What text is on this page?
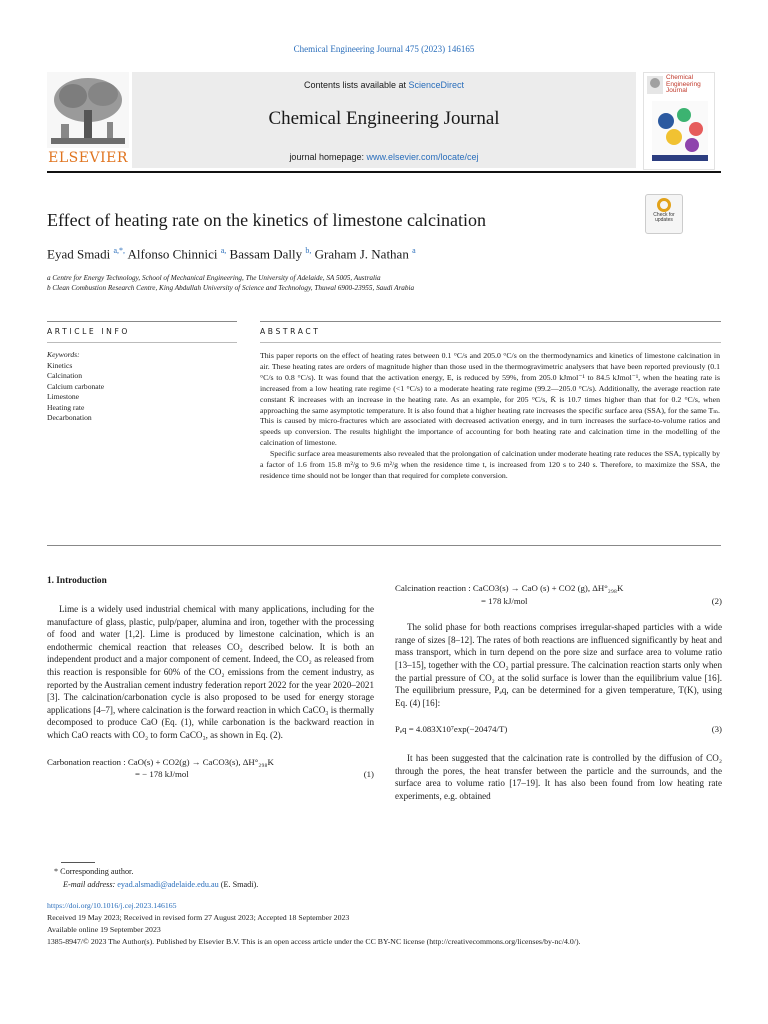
Chemical Engineering Journal 475 (2023) 146165
ELSEVIER
Contents lists available at ScienceDirect
Chemical Engineering Journal
journal homepage: www.elsevier.com/locate/cej
Chemical Engineering Journal
Effect of heating rate on the kinetics of limestone calcination	Check for updates
Eyad Smadi $^{a,*,}$ Alfonso Chinnici $^{a,}$ Bassam Dally $^{b,}$ Graham J. Nathan $^a$
a Centre for Energy Technology, School of Mechanical Engineering, The University of Adelaide, SA 5005, Australia
b Clean Combustion Research Centre, King Abdullah University of Science and Technology, Thuwal 6900-23955, Saudi Arabia
ARTICLE INFO	ABSTRACT
Keywords:
Kinetics
Calcination
Calcium carbonate
Limestone
Heating rate
Decarbonation

This paper reports on the effect of heating rates between 0.1 °C/s and 205.0 °C/s on the thermodynamics and kinetics of limestone calcination in air. These heating rates are orders of magnitude higher than those used in the thermogravimetric analysers that have been reported previously (0.1 °C/s to 0.8 °C/s). It was found that the activation energy, E, is reduced by 59%, from 205.0 kJmol⁻¹ to 84.5 kJmol⁻¹, when the heating rate is increased from a low heating rate regime (<1 °C/s) to a moderate heating rate regime (99.2—205.0 °C/s). Additionally, the average reaction rate constant K̄ increases with an increase in the heating rate. As an example, for 205 °C/s, K̄ is 10.7 times higher than that for 0.2 °C/s, when approaching the same asymptotic temperature. It is also found that a higher heating rate increases the specific surface area (SSA), for the same Tₘ. This is caused by micro-fractures which are associated with decreased activation energy, and in turn increases the surface-to-volume ratios and speeds up conversion. The results highlight the importance of accounting for both heating rate and calcination time in the modelling of the calcination of limestone.

Specific surface area measurements also revealed that the prolongation of calcination under moderate heating rate reduces the SSA, typically by a factor of 1.6 from 15.8 m²/g to 9.6 m²/g when the residence time t, is increased from 120 s to 240 s. Therefore, to maximize the SSA, the residence time should not be longer than that required for complete conversion.

1. Introduction

Lime is a widely used industrial chemical with many applications, including for the manufacture of glass, plastic, pulp/paper, alumina and iron, together with the processing of food and water [1,2]. Lime is produced by limestone calcination, which is an endothermic chemical reaction that releases CO₂ described below. It is both an independent product and a major component of cement. Indeed, the CO₂ as released from this reaction is responsible for 60% of the CO₂ emissions from the cement industry, as reported by the Australian cement industry federation report 2022 for the year 2020–2021 [3]. The calcination/carbonation cycle is also proposed to be used for energy storage applications [4–7], where calcination is the forward reaction in which CaCO₃ is thermally decomposed to produce CaO (Eq. (1), while carbonation is the backward reaction in which CaO reacts with CO₂ to form CaCO₃, as shown in Eq. (2).

Carbonation reaction : CaO(s) + CO2(g) → CaCO3(s), ΔH°₂₉₈K
= − 178 kJ/mol	(1)
Calcination reaction : CaCO3(s) → CaO (s) + CO2 (g), ΔH°₂₉₈K
= 178 kJ/mol	(2)

The solid phase for both reactions comprises irregular-shaped particles with a wide range of sizes [8–12]. The rates of both reactions are influenced significantly by heat and mass transport, which in turn depend on the pore size and surface area to volume ratio [13–15], together with the CO₂ partial pressure. The calcination reaction starts only when the partial pressure of CO₂ at the solid surface is lower than the equilibrium value [16]. The equilibrium pressure, Pₑq, can be determined for a given temperature, T(K), using Eq. (4) [16]:

Pₑq = 4.083X10⁷exp(−20474/T)	(3)

It has been suggested that the calcination rate is controlled by the diffusion of CO₂ through the pores, the heat transfer between the particle and the surrounds, and the surface area to volume ratio [17–19]. It has also been found from low heating rate experiments, e.g. obtained

* Corresponding author.
E-mail address: eyad.alsmadi@adelaide.edu.au (E. Smadi).
https://doi.org/10.1016/j.cej.2023.146165
Received 19 May 2023; Received in revised form 27 August 2023; Accepted 18 September 2023
Available online 19 September 2023
1385-8947/© 2023 The Author(s). Published by Elsevier B.V. This is an open access article under the CC BY-NC license (http://creativecommons.org/licenses/by-nc/4.0/).
